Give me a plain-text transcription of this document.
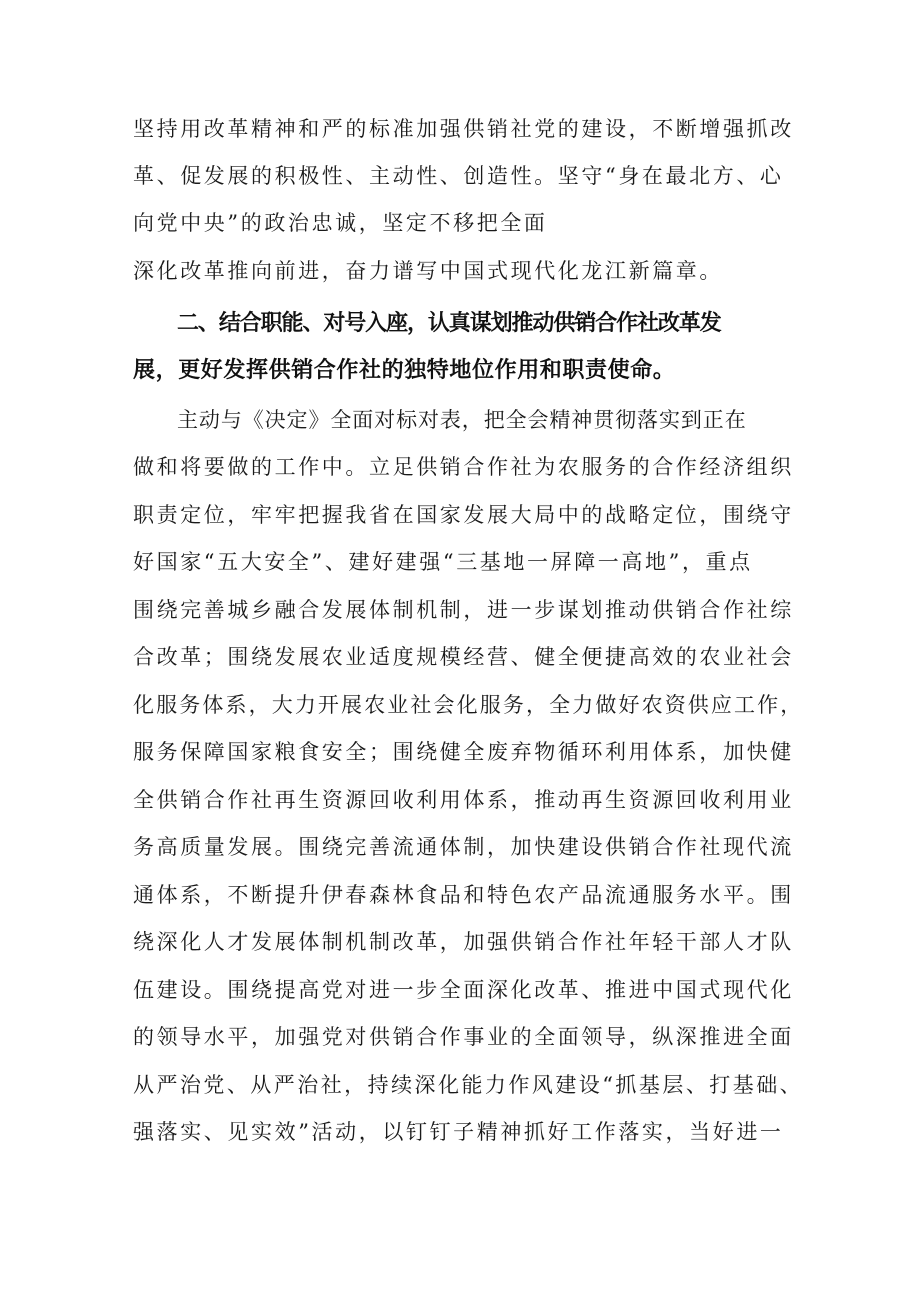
坚持用改革精神和严的标准加强供销社党的建设，不断增强抓改
革、促发展的积极性、主动性、创造性。坚守“身在最北方、心
向党中央”的政治忠诚，坚定不移把全面
深化改革推向前进，奋力谱写中国式现代化龙江新篇章。
二、结合职能、对号入座，认真谋划推动供销合作社改革发
展，更好发挥供销合作社的独特地位作用和职责使命。
主动与《决定》全面对标对表，把全会精神贯彻落实到正在
做和将要做的工作中。立足供销合作社为农服务的合作经济组织
职责定位，牢牢把握我省在国家发展大局中的战略定位，围绕守
好国家“五大安全”、建好建强“三基地一屏障一高地”，重点
围绕完善城乡融合发展体制机制，进一步谋划推动供销合作社综
合改革；围绕发展农业适度规模经营、健全便捷高效的农业社会
化服务体系，大力开展农业社会化服务，全力做好农资供应工作，
服务保障国家粮食安全；围绕健全废弃物循环利用体系，加快健
全供销合作社再生资源回收利用体系，推动再生资源回收利用业
务高质量发展。围绕完善流通体制，加快建设供销合作社现代流
通体系，不断提升伊春森林食品和特色农产品流通服务水平。围
绕深化人才发展体制机制改革，加强供销合作社年轻干部人才队
伍建设。围绕提高党对进一步全面深化改革、推进中国式现代化
的领导水平，加强党对供销合作事业的全面领导，纵深推进全面
从严治党、从严治社，持续深化能力作风建设“抓基层、打基础、
强落实、见实效”活动，以钉钉子精神抓好工作落实，当好进一
